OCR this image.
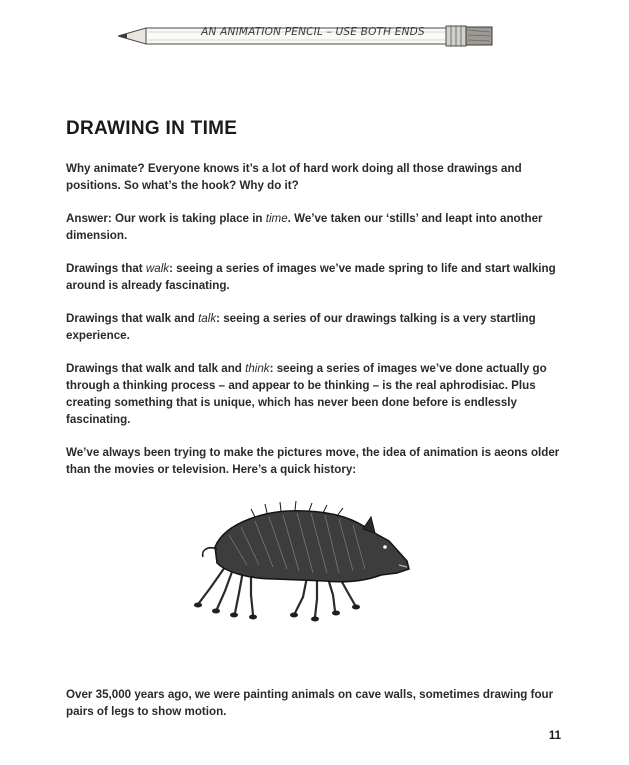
AN ANIMATION PENCIL – USE BOTH ENDS
DRAWING IN TIME

Why animate? Everyone knows it’s a lot of hard work doing all those drawings and positions. So what’s the hook? Why do it?

Answer: Our work is taking place in time. We’ve taken our ‘stills’ and leapt into another dimension.

Drawings that walk: seeing a series of images we’ve made spring to life and start walking around is already fascinating.

Drawings that walk and talk: seeing a series of our drawings talking is a very startling experience.

Drawings that walk and talk and think: seeing a series of images we’ve done actually go through a thinking process – and appear to be thinking – is the real aphrodisiac. Plus creating something that is unique, which has never been done before is endlessly fascinating.

We’ve always been trying to make the pictures move, the idea of animation is aeons older than the movies or television. Here’s a quick history:

Over 35,000 years ago, we were painting animals on cave walls, sometimes drawing four pairs of legs to show motion.

11
